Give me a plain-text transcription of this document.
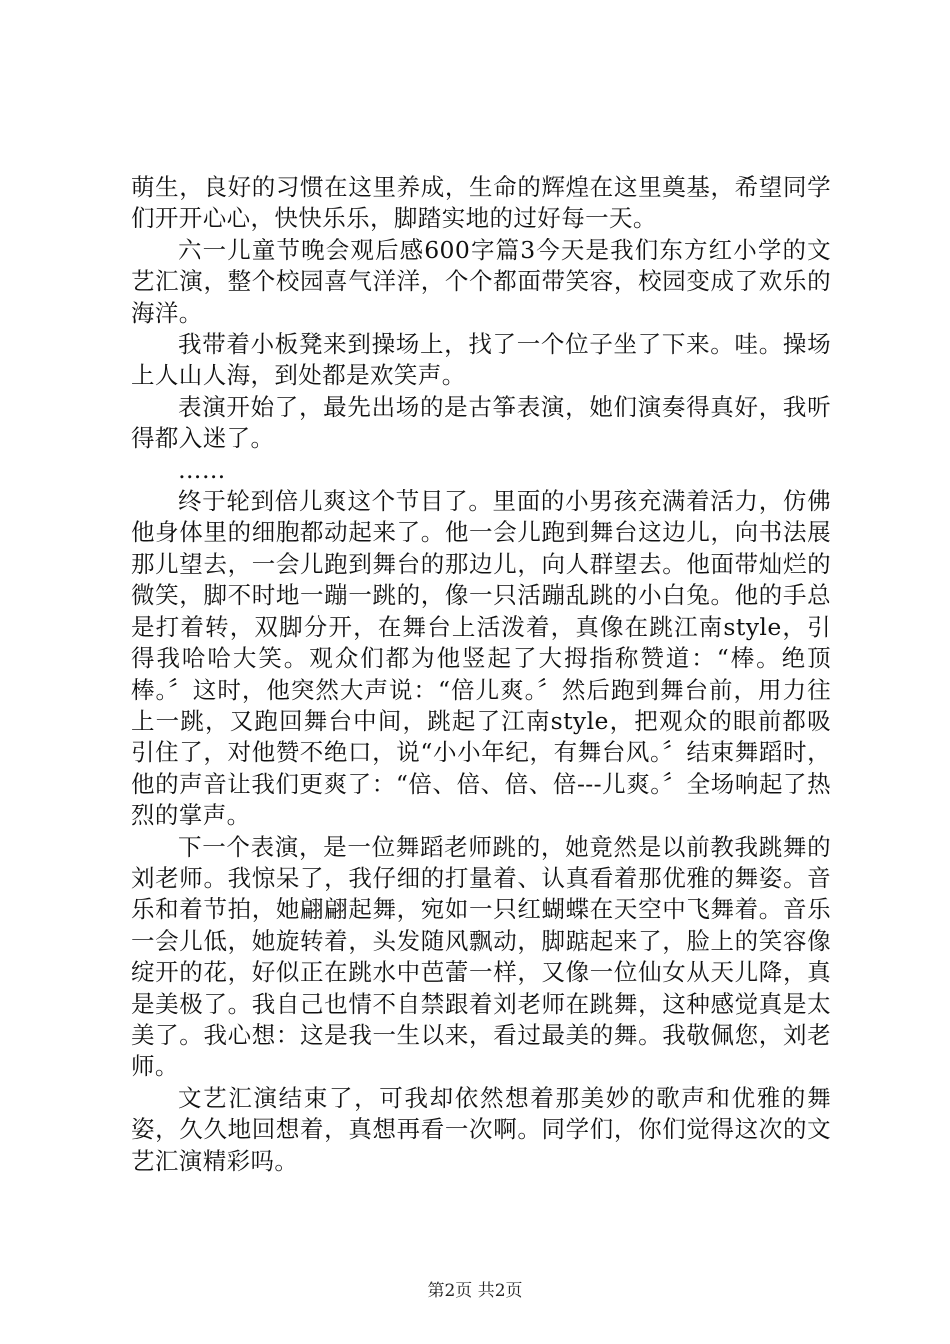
萌生，良好的习惯在这里养成，生命的辉煌在这里奠基，希望同学们开开心心，快快乐乐，脚踏实地的过好每一天。

六一儿童节晚会观后感600字篇3今天是我们东方红小学的文艺汇演，整个校园喜气洋洋，个个都面带笑容，校园变成了欢乐的海洋。

我带着小板凳来到操场上，找了一个位子坐了下来。哇。操场上人山人海，到处都是欢笑声。

表演开始了，最先出场的是古筝表演，她们演奏得真好，我听得都入迷了。

……

终于轮到倍儿爽这个节目了。里面的小男孩充满着活力，仿佛他身体里的细胞都动起来了。他一会儿跑到舞台这边儿，向书法展那儿望去，一会儿跑到舞台的那边儿，向人群望去。他面带灿烂的微笑，脚不时地一蹦一跳的，像一只活蹦乱跳的小白兔。他的手总是打着转，双脚分开，在舞台上活泼着，真像在跳江南style，引得我哈哈大笑。观众们都为他竖起了大拇指称赞道：“棒。绝顶棒。〞这时，他突然大声说：“倍儿爽。〞然后跑到舞台前，用力往上一跳，又跑回舞台中间，跳起了江南style，把观众的眼前都吸引住了，对他赞不绝口，说“小小年纪，有舞台风。〞结束舞蹈时，他的声音让我们更爽了：“倍、倍、倍、倍---儿爽。〞全场响起了热烈的掌声。

下一个表演，是一位舞蹈老师跳的，她竟然是以前教我跳舞的刘老师。我惊呆了，我仔细的打量着、认真看着那优雅的舞姿。音乐和着节拍，她翩翩起舞，宛如一只红蝴蝶在天空中飞舞着。音乐一会儿低，她旋转着，头发随风飘动，脚踮起来了，脸上的笑容像绽开的花，好似正在跳水中芭蕾一样，又像一位仙女从天儿降，真是美极了。我自己也情不自禁跟着刘老师在跳舞，这种感觉真是太美了。我心想：这是我一生以来，看过最美的舞。我敬佩您，刘老师。

文艺汇演结束了，可我却依然想着那美妙的歌声和优雅的舞姿，久久地回想着，真想再看一次啊。同学们，你们觉得这次的文艺汇演精彩吗。

第2页 共2页
